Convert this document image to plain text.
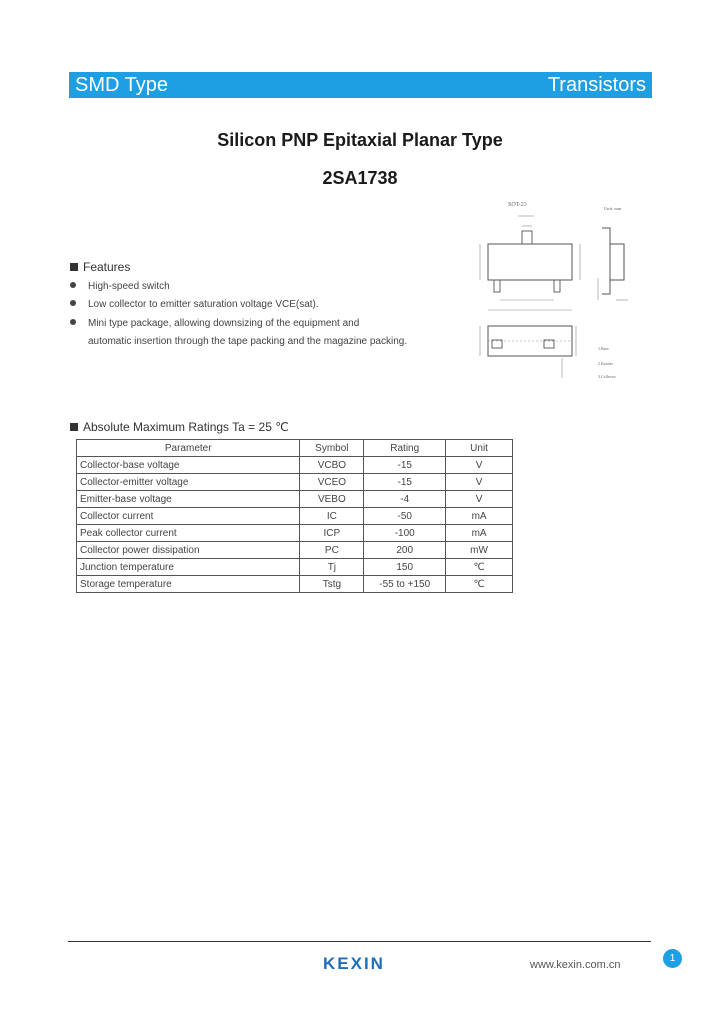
SMD Type	Transistors
Silicon PNP Epitaxial Planar Type
2SA1738
SOT-23
Unit: mm
1.Base
2.Emitter
3.Collector
Features
High-speed switch
Low collector to emitter saturation voltage VCE(sat).
Mini type package, allowing downsizing of the equipment and
automatic insertion through the tape packing and the magazine packing.
Absolute Maximum Ratings Ta = 25 ℃
Parameter	Symbol	Rating	Unit
Collector-base voltage	VCBO	-15	V
Collector-emitter voltage	VCEO	-15	V
Emitter-base voltage	VEBO	-4	V
Collector current	IC	-50	mA
Peak collector current	ICP	-100	mA
Collector power dissipation	PC	200	mW
Junction temperature	Tj	150	℃
Storage temperature	Tstg	-55 to +150	℃
KEXIN	www.kexin.com.cn
1
